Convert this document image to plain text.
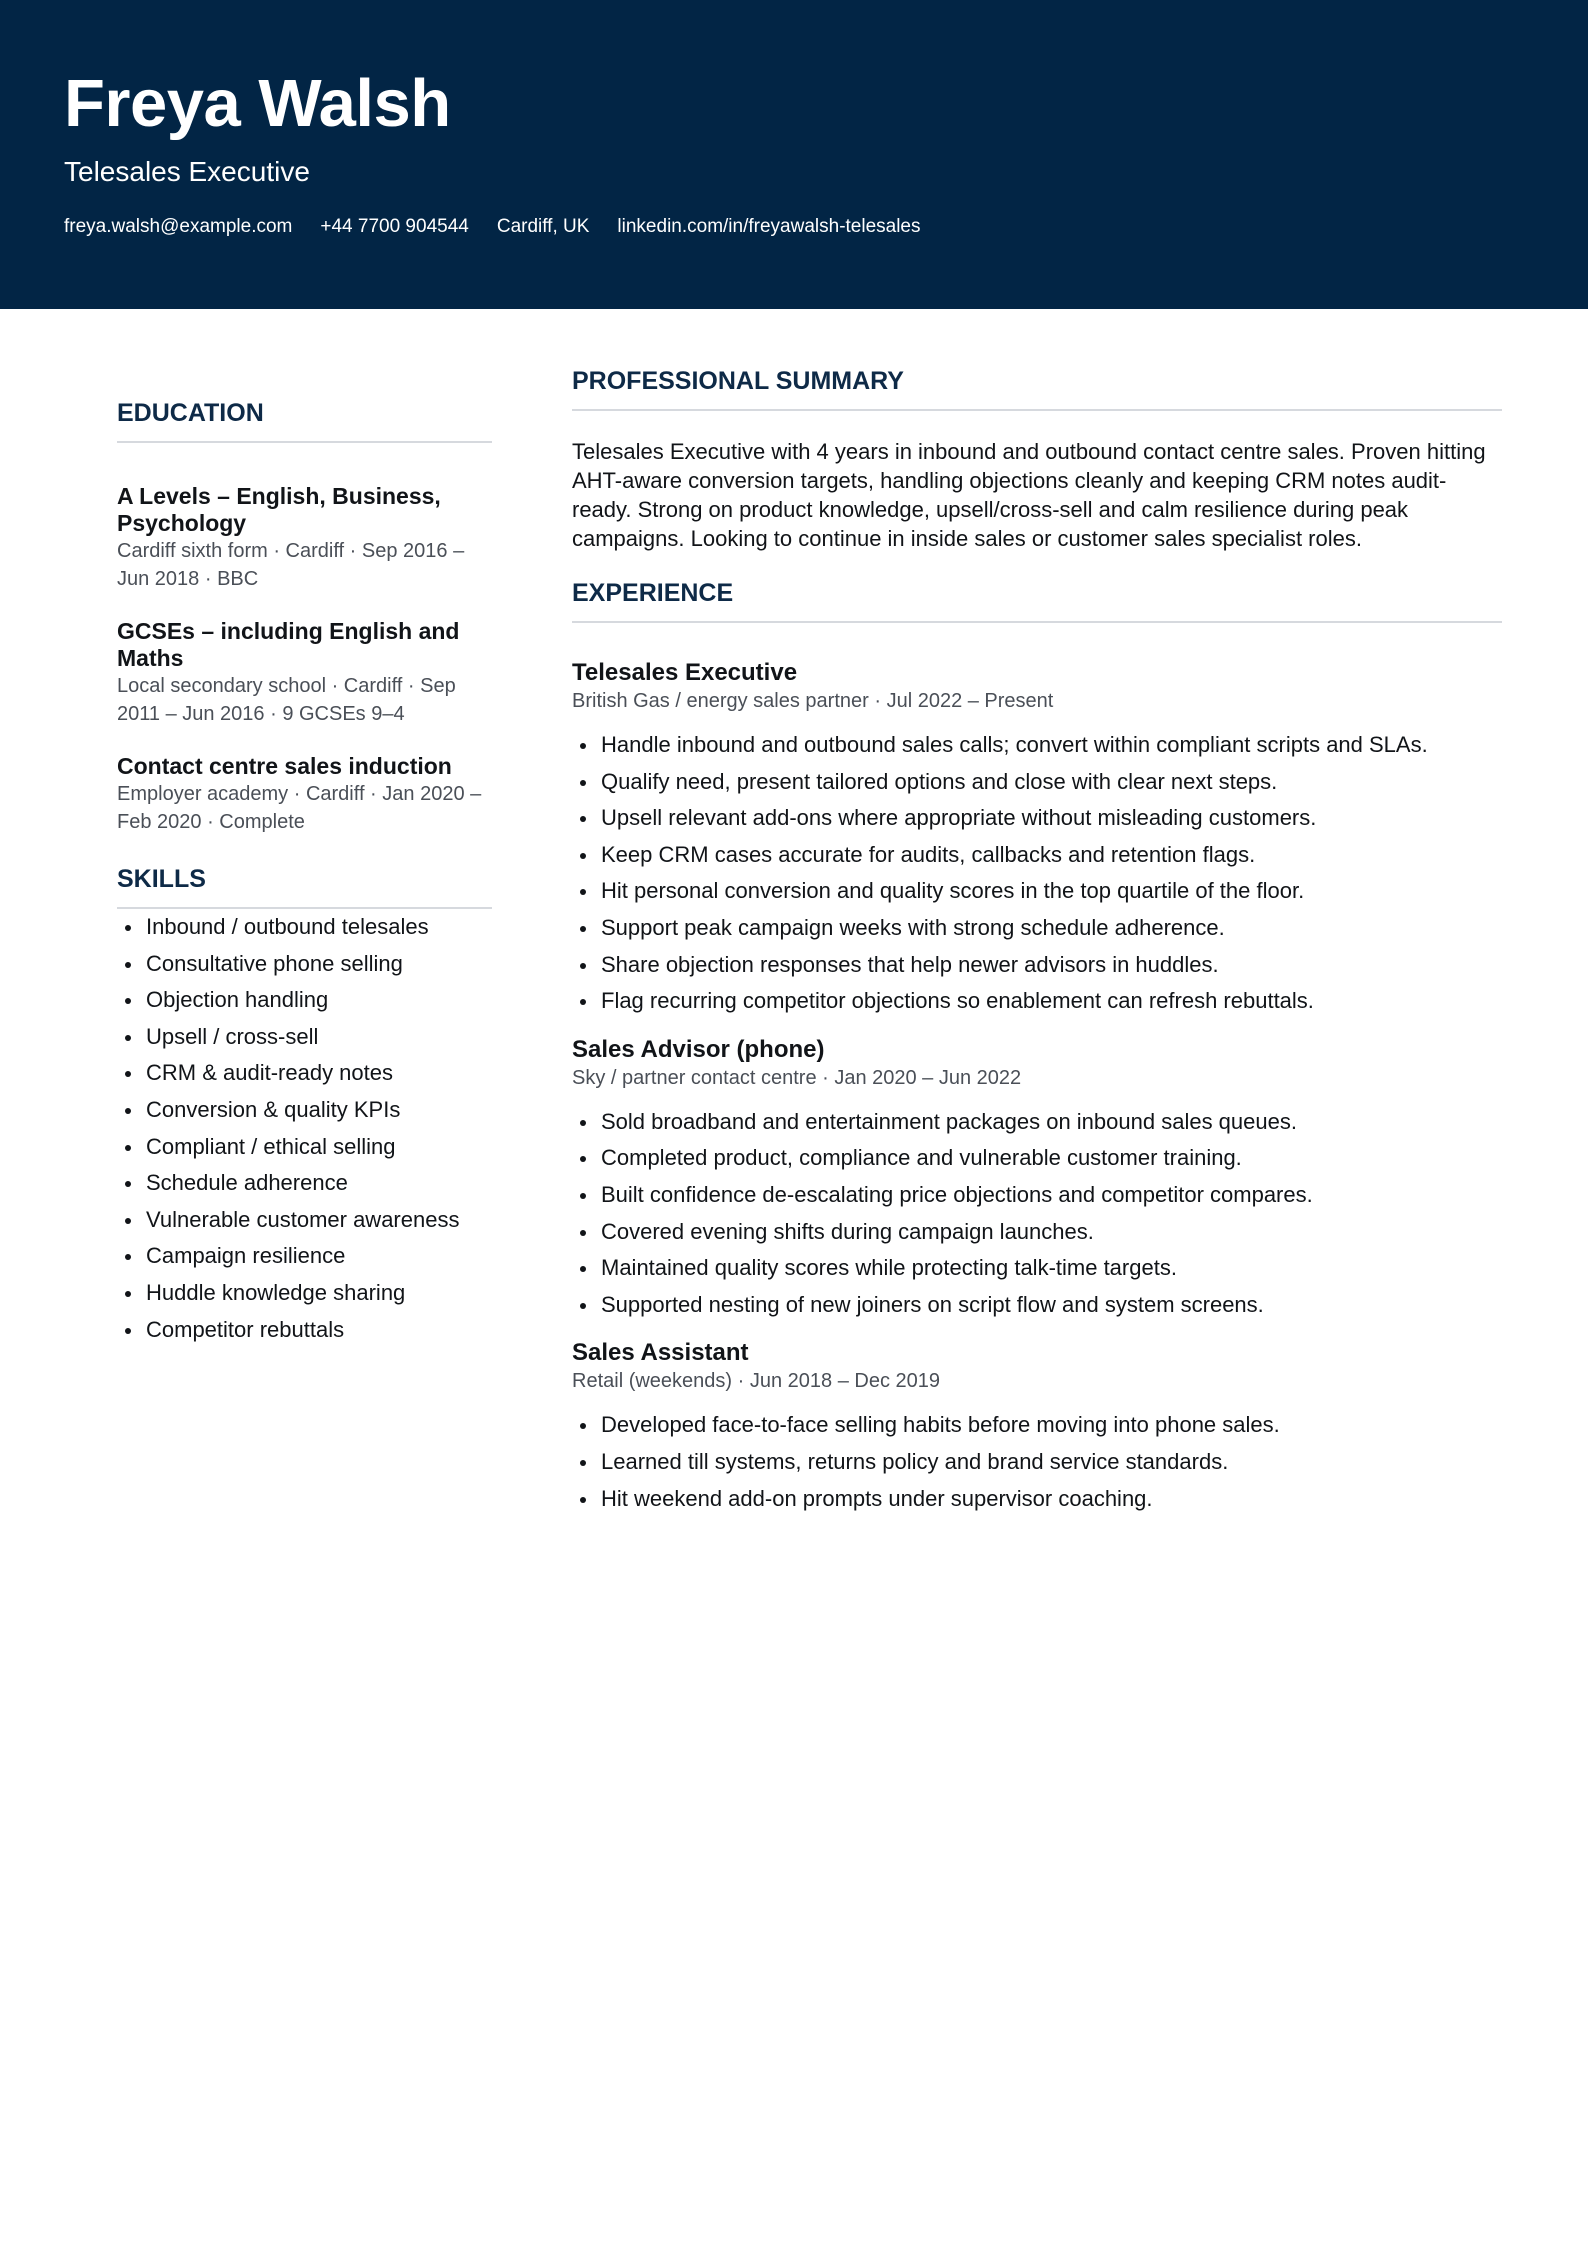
Freya Walsh
Telesales Executive
freya.walsh@example.com +44 7700 904544 Cardiff, UK linkedin.com/in/freyawalsh-telesales
EDUCATION
A Levels – English, Business, Psychology
Cardiff sixth form · Cardiff · Sep 2016 – Jun 2018 · BBC
GCSEs – including English and Maths
Local secondary school · Cardiff · Sep 2011 – Jun 2016 · 9 GCSEs 9–4
Contact centre sales induction
Employer academy · Cardiff · Jan 2020 – Feb 2020 · Complete
SKILLS
Inbound / outbound telesales
Consultative phone selling
Objection handling
Upsell / cross-sell
CRM & audit-ready notes
Conversion & quality KPIs
Compliant / ethical selling
Schedule adherence
Vulnerable customer awareness
Campaign resilience
Huddle knowledge sharing
Competitor rebuttals
PROFESSIONAL SUMMARY

Telesales Executive with 4 years in inbound and outbound contact centre sales. Proven hitting AHT-aware conversion targets, handling objections cleanly and keeping CRM notes audit-ready. Strong on product knowledge, upsell/cross-sell and calm resilience during peak campaigns. Looking to continue in inside sales or customer sales specialist roles.

EXPERIENCE
Telesales Executive
British Gas / energy sales partner · Jul 2022 – Present
Handle inbound and outbound sales calls; convert within compliant scripts and SLAs.
Qualify need, present tailored options and close with clear next steps.
Upsell relevant add-ons where appropriate without misleading customers.
Keep CRM cases accurate for audits, callbacks and retention flags.
Hit personal conversion and quality scores in the top quartile of the floor.
Support peak campaign weeks with strong schedule adherence.
Share objection responses that help newer advisors in huddles.
Flag recurring competitor objections so enablement can refresh rebuttals.
Sales Advisor (phone)
Sky / partner contact centre · Jan 2020 – Jun 2022
Sold broadband and entertainment packages on inbound sales queues.
Completed product, compliance and vulnerable customer training.
Built confidence de-escalating price objections and competitor compares.
Covered evening shifts during campaign launches.
Maintained quality scores while protecting talk-time targets.
Supported nesting of new joiners on script flow and system screens.
Sales Assistant
Retail (weekends) · Jun 2018 – Dec 2019
Developed face-to-face selling habits before moving into phone sales.
Learned till systems, returns policy and brand service standards.
Hit weekend add-on prompts under supervisor coaching.
